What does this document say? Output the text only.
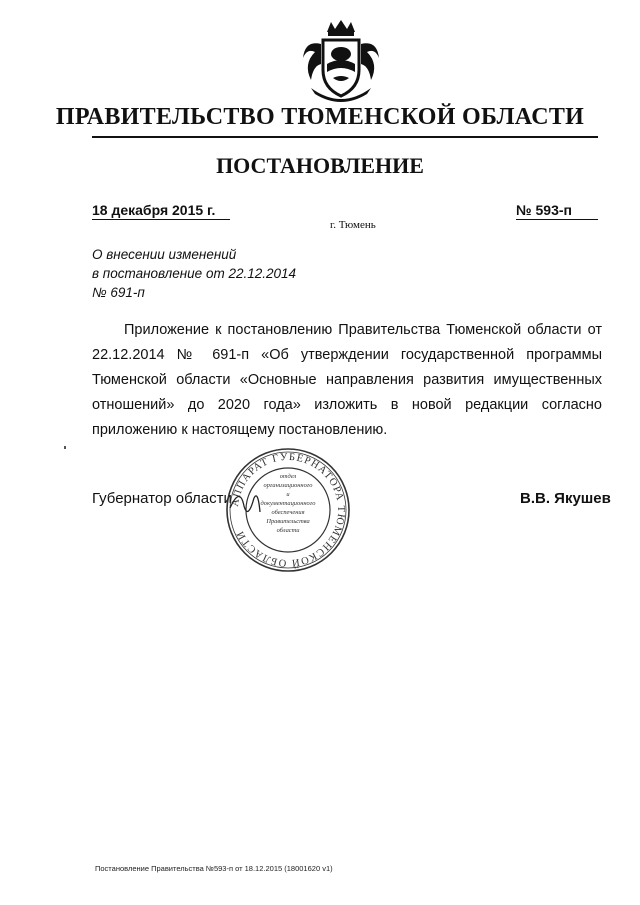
ПРАВИТЕЛЬСТВО ТЮМЕНСКОЙ ОБЛАСТИ
ПОСТАНОВЛЕНИЕ
18 декабря 2015 г.	№ 593-п
г. Тюмень
О внесении изменений
в постановление от 22.12.2014
№ 691-п
Приложение к постановлению Правительства Тюменской области от 22.12.2014 № 691-п «Об утверждении государственной программы Тюменской области «Основные направления развития имущественных отношений» до 2020 года» изложить в новой редакции согласно приложению к настоящему постановлению.
Губернатор области	В.В. Якушев
АППАРАТ ГУБЕРНАТОРА ТЮМЕНСКОЙ ОБЛАСТИ
отдел
организационного
и
документационного
обеспечения
Правительства
области
Постановление Правительства №593-п от 18.12.2015 (18001620 v1)
